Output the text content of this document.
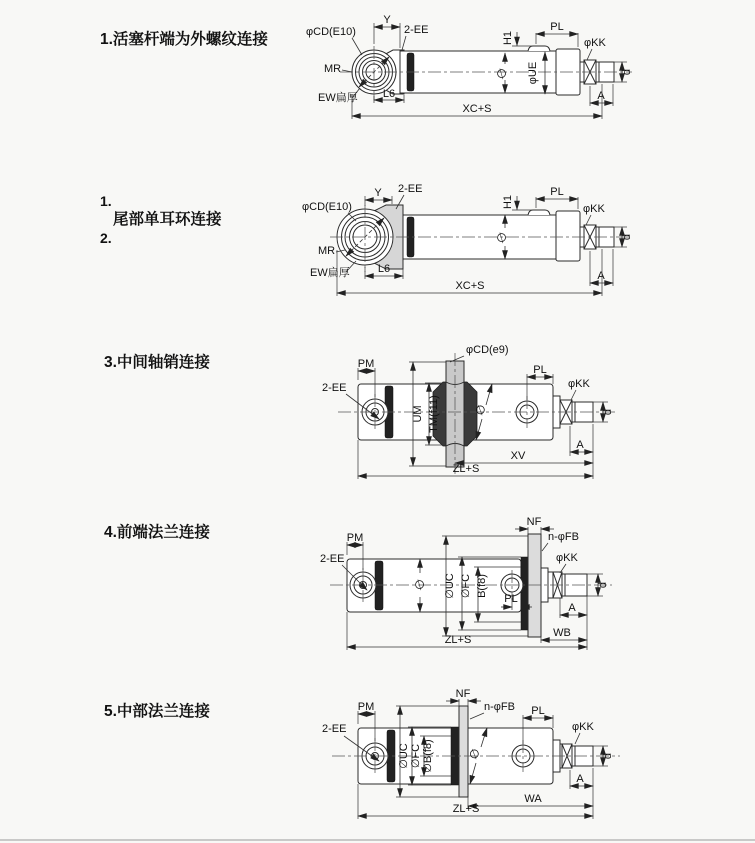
1.活塞杆端为外螺纹连接	φCD(E10)
Y
2-EE
MR
EW扁厚 L6
H1
PL
∅ φUE
φKK
d
A
XC+S
1.
尾部单耳环连接
2.
φCD(E10)
Y 2-EE
MR
EW扁厚	L6
H1
PL
∅
φKK
d
A
XC+S
3.中间轴销连接	PM
2-EE
φCD(e9)
UM TM(f11)	∅
PL
φKK
d
A
XV
ZL+S
4.前端法兰连接	PM
2-EE
∅ ∅UC ∅FC B(f8)
NF
n-φFB
PL
φKK
d
A
WB
ZL+S
5.中部法兰连接	PM
2-EE
∅UC ∅FC ∅B(f8)
NF
n-φFB PL
∅
φKK
d
A
WA
ZL+S
